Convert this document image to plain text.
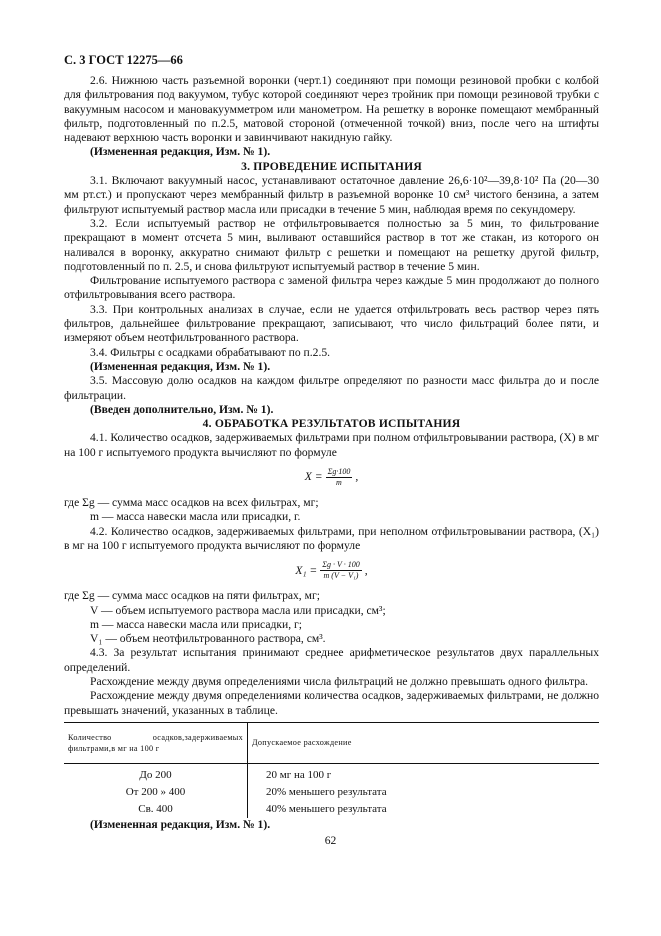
С. 3 ГОСТ 12275—66

2.6. Нижнюю часть разъемной воронки (черт.1) соединяют при помощи резиновой пробки с колбой для фильтрования под вакуумом, тубус которой соединяют через тройник при помощи резиновой трубки с вакуумным насосом и мановакуумметром или манометром. На решетку в воронке помещают мембранный фильтр, подготовленный по п.2.5, матовой стороной (отмеченной точкой) вниз, после чего на штифты надевают верхнюю часть воронки и завинчивают накидную гайку.

(Измененная редакция, Изм. № 1).

3. ПРОВЕДЕНИЕ ИСПЫТАНИЯ

3.1. Включают вакуумный насос, устанавливают остаточное давление 26,6·10²—39,8·10² Па (20—30 мм рт.ст.) и пропускают через мембранный фильтр в разъемной воронке 10 см³ чистого бензина, а затем фильтруют испытуемый раствор масла или присадки в течение 5 мин, наблюдая время по секундомеру.

3.2. Если испытуемый раствор не отфильтровывается полностью за 5 мин, то фильтрование прекращают в момент отсчета 5 мин, выливают оставшийся раствор в тот же стакан, из которого он наливался в воронку, аккуратно снимают фильтр с решетки и помещают на решетку другой фильтр, подготовленный по п. 2.5, и снова фильтруют испытуемый раствор в течение 5 мин.

Фильтрование испытуемого раствора с заменой фильтра через каждые 5 мин продолжают до полного отфильтровывания всего раствора.

3.3. При контрольных анализах в случае, если не удается отфильтровать весь раствор через пять фильтров, дальнейшее фильтрование прекращают, записывают, что число фильтраций более пяти, и измеряют объем неотфильтрованного раствора.

3.4. Фильтры с осадками обрабатывают по п.2.5.

(Измененная редакция, Изм. № 1).

3.5. Массовую долю осадков на каждом фильтре определяют по разности масс фильтра до и после фильтрации.

(Введен дополнительно, Изм. № 1).

4. ОБРАБОТКА РЕЗУЛЬТАТОВ ИСПЫТАНИЯ

4.1. Количество осадков, задерживаемых фильтрами при полном отфильтровывании раствора, (X) в мг на 100 г испытуемого продукта вычисляют по формуле

$X = \frac{\Sigma g\cdot 100}{m}$ ,

где Σg — сумма масс осадков на всех фильтрах, мг;

m — масса навески масла или присадки, г.

4.2. Количество осадков, задерживаемых фильтрами, при неполном отфильтровывании раствора, (X₁) в мг на 100 г испытуемого продукта вычисляют по формуле

$X_1 = \frac{\Sigma g \cdot V \cdot 100}{\text{m (V − V₁)}}$ ,

где Σg — сумма масс осадков на пяти фильтрах, мг;

V — объем испытуемого раствора масла или присадки, см³;

m — масса навески масла или присадки, г;

V₁ — объем неотфильтрованного раствора, см³.

4.3. За результат испытания принимают среднее арифметическое результатов двух параллельных определений.

Расхождение между двумя определениями числа фильтраций не должно превышать одного фильтра.

Расхождение между двумя определениями количества осадков, задерживаемых фильтрами, не должно превышать значений, указанных в таблице.

Количество осадков,задерживаемых фильтрами,в мг на 100 г	Допускаемое расхождение
До 200	20 мг на 100 г
От 200 » 400	20% меньшего результата
Св. 400	40% меньшего результата

(Измененная редакция, Изм. № 1).

62
